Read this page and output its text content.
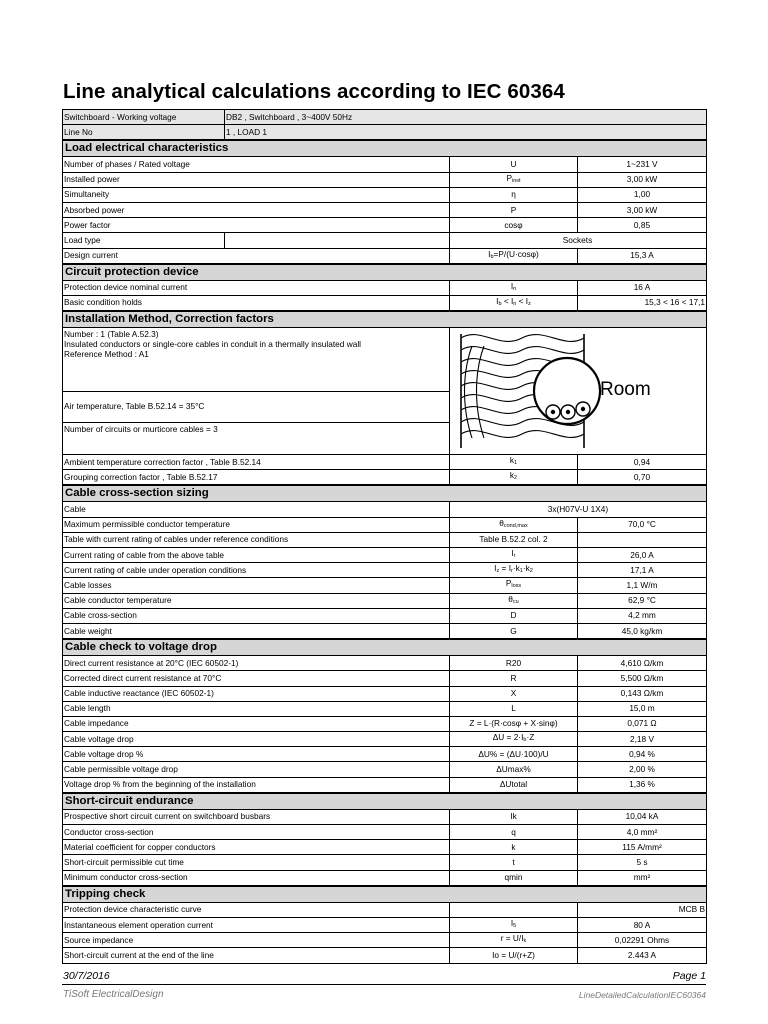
Line analytical calculations according to IEC 60364
Switchboard - Working voltage	DB2 , Switchboard , 3~400V 50Hz		
Line No	1 , LOAD 1		
Load electrical characteristics			
Number of phases / Rated voltage		U	1~231 V
Installed power		$P_{inst}$	3,00 kW
Simultaneity		η	1,00
Absorbed power		P	3,00 kW
Power factor		cosφ	0,85
Load type		Sockets	
Design current		$I_b=P/(U\cdot\cos\varphi)$	15,3 A
Circuit protection device			
Protection device nominal current		$I_n$	16 A
Basic condition holds		$I_b < I_n < I_z$	15,3 < 16 < 17,1
Installation Method, Correction factors			

Number : 1 (Table A.52.3)
Insulated conductors or single-core cables in conduit in a thermally insulated wall
Reference Method : A1		Room	

Air temperature, Table B.52.14 = 35°C			
Number of circuits or murticore cables = 3			
Ambient temperature correction factor , Table B.52.14		$k_1$	0,94
Grouping correction factor , Table B.52.17		$k_2$	0,70
Cable cross-section sizing			
Cable		3x(H07V-U 1X4)	
Maximum permissible conductor temperature		$\theta_{cond,max}$	70,0 °C
Table with current rating of cables under reference conditions		Table B.52.2 col. 2	
Current rating of cable from the above table		$I_r$	26,0 A
Current rating of cable under operation conditions		$I_z = I_r\cdot k_1\cdot k_2$	17,1 A
Cable losses		$P_{loss}$	1,1 W/m
Cable conductor temperature		$\theta_{cu}$	62,9 °C
Cable cross-section		D	4,2 mm
Cable weight		G	45,0 kg/km
Cable check to voltage drop			
Direct current resistance at 20°C (IEC 60502-1)		R20	4,610 Ω/km
Corrected direct current resistance at 70°C		R	5,500 Ω/km
Cable inductive reactance (IEC 60502-1)		X	0,143 Ω/km
Cable length		L	15,0 m
Cable impedance		Z = L·(R·cosφ + X·sinφ)	0,071 Ω
Cable voltage drop		$\Delta U = 2\cdot I_b\cdot Z$	2,18 V
Cable voltage drop %		ΔU% = (ΔU·100)/U	0,94 %
Cable permissible voltage drop		ΔUmax%	2,00 %
Voltage drop % from the beginning of the installation		ΔUtotal	1,36 %
Short-circuit endurance			
Prospective short circuit current on switchboard busbars		Ik	10,04 kA
Conductor cross-section		q	4,0 mm²
Material coefficient for copper conductors		k	115 A/mm²
Short-circuit permissible cut time		t	5 s
Minimum conductor cross-section		qmin	mm²
Tripping check			
Protection device characteristic curve			MCB B
Instantaneous element operation current		$I_5$	80 A
Source impedance		$r = U/I_k$	0,02291 Ohms
Short-circuit current at the end of the line		Io = U/(r+Z)	2.443 A
30/7/2016	Page 1
TiSoft ElectricalDesign	LineDetailedCalculationIEC60364
